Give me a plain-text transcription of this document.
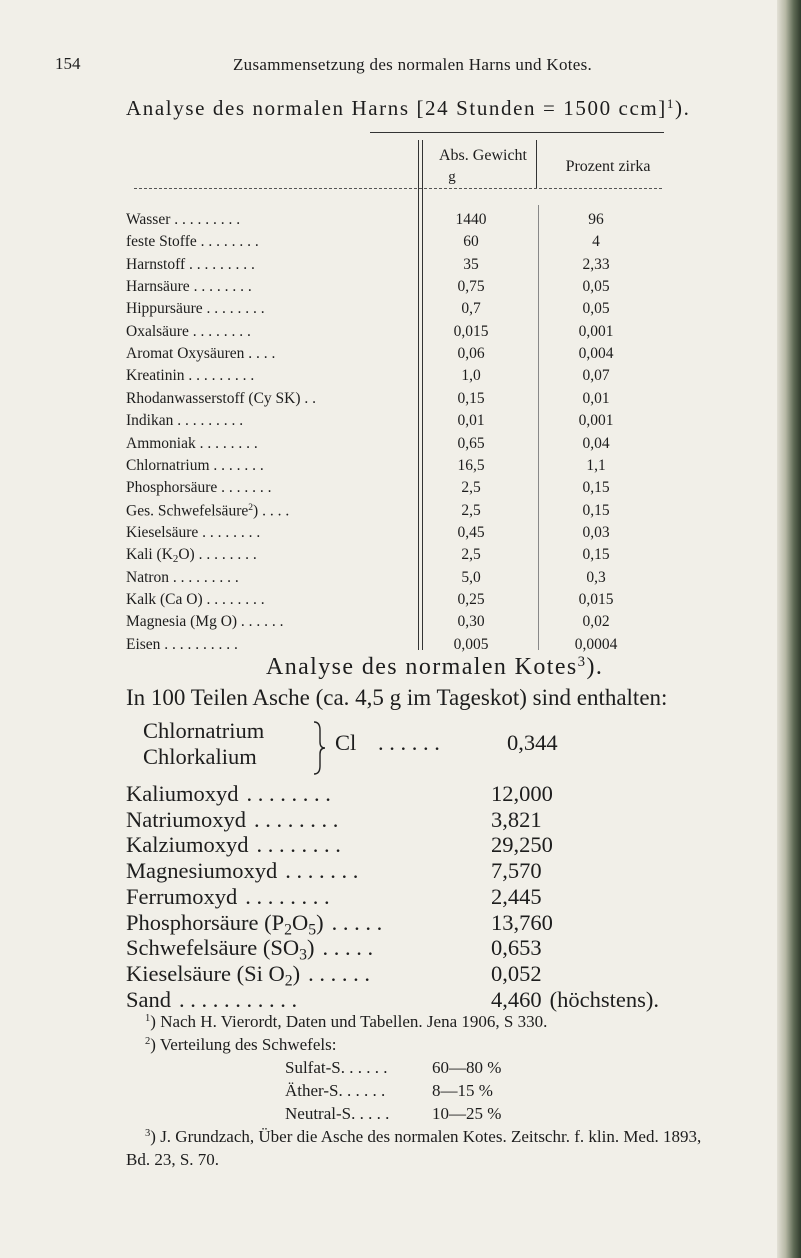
154	Zusammensetzung des normalen Harns und Kotes.
Analyse des normalen Harns [24 Stunden = 1500 ccm]$^1$).
Abs. Gewicht
g
Prozent zirka
Wasser . . . . . . . . .	1440	96
feste Stoffe . . . . . . . .	60	4
Harnstoff . . . . . . . . .	35	2,33
Harnsäure . . . . . . . .	0,75	0,05
Hippursäure . . . . . . . .	0,7	0,05
Oxalsäure . . . . . . . .	0,015	0,001
Aromat Oxysäuren . . . .	0,06	0,004
Kreatinin . . . . . . . . .	1,0	0,07
Rhodanwasserstoff (Cy SK) . .	0,15	0,01
Indikan . . . . . . . . .	0,01	0,001
Ammoniak . . . . . . . .	0,65	0,04
Chlornatrium . . . . . . .	16,5	1,1
Phosphorsäure . . . . . . .	2,5	0,15
Ges. Schwefelsäure$^2$) . . . .	2,5	0,15
Kieselsäure . . . . . . . .	0,45	0,03
Kali $(K_2O)$ . . . . . . . .	2,5	0,15
Natron . . . . . . . . .	5,0	0,3
Kalk (Ca O) . . . . . . . .	0,25	0,015
Magnesia (Mg O) . . . . . .	0,30	0,02
Eisen . . . . . . . . . .	0,005	0,0004
Analyse des normalen Kotes$^3$).
In 100 Teilen Asche (ca. 4,5 g im Tageskot) sind enthalten:
Chlornatrium
Chlorkalium
Cl . . . . . .	0,344
Kaliumoxyd . . . . . . . .	12,000
Natriumoxyd . . . . . . . .	3,821
Kalziumoxyd . . . . . . . .	29,250
Magnesiumoxyd . . . . . . .	7,570
Ferrumoxyd . . . . . . . .	2,445
Phosphorsäure $(P_2O_5)$ . . . . .	13,760
Schwefelsäure $(SO_3)$ . . . . .	0,653
Kieselsäure (Si $O_2$) . . . . . .	0,052
Sand . . . . . . . . . . .	4,460 (höchstens).
$^1$) Nach H. Vierordt, Daten und Tabellen. Jena 1906, S 330.
$^2$) Verteilung des Schwefels:
Sulfat-S. . . . . .	60—80 %
Äther-S. . . . . .	8—15 %
Neutral-S. . . . .	10—25 %
$^3$) J. Grundzach, Über die Asche des normalen Kotes. Zeitschr. f. klin. Med. 1893,
Bd. 23, S. 70.
